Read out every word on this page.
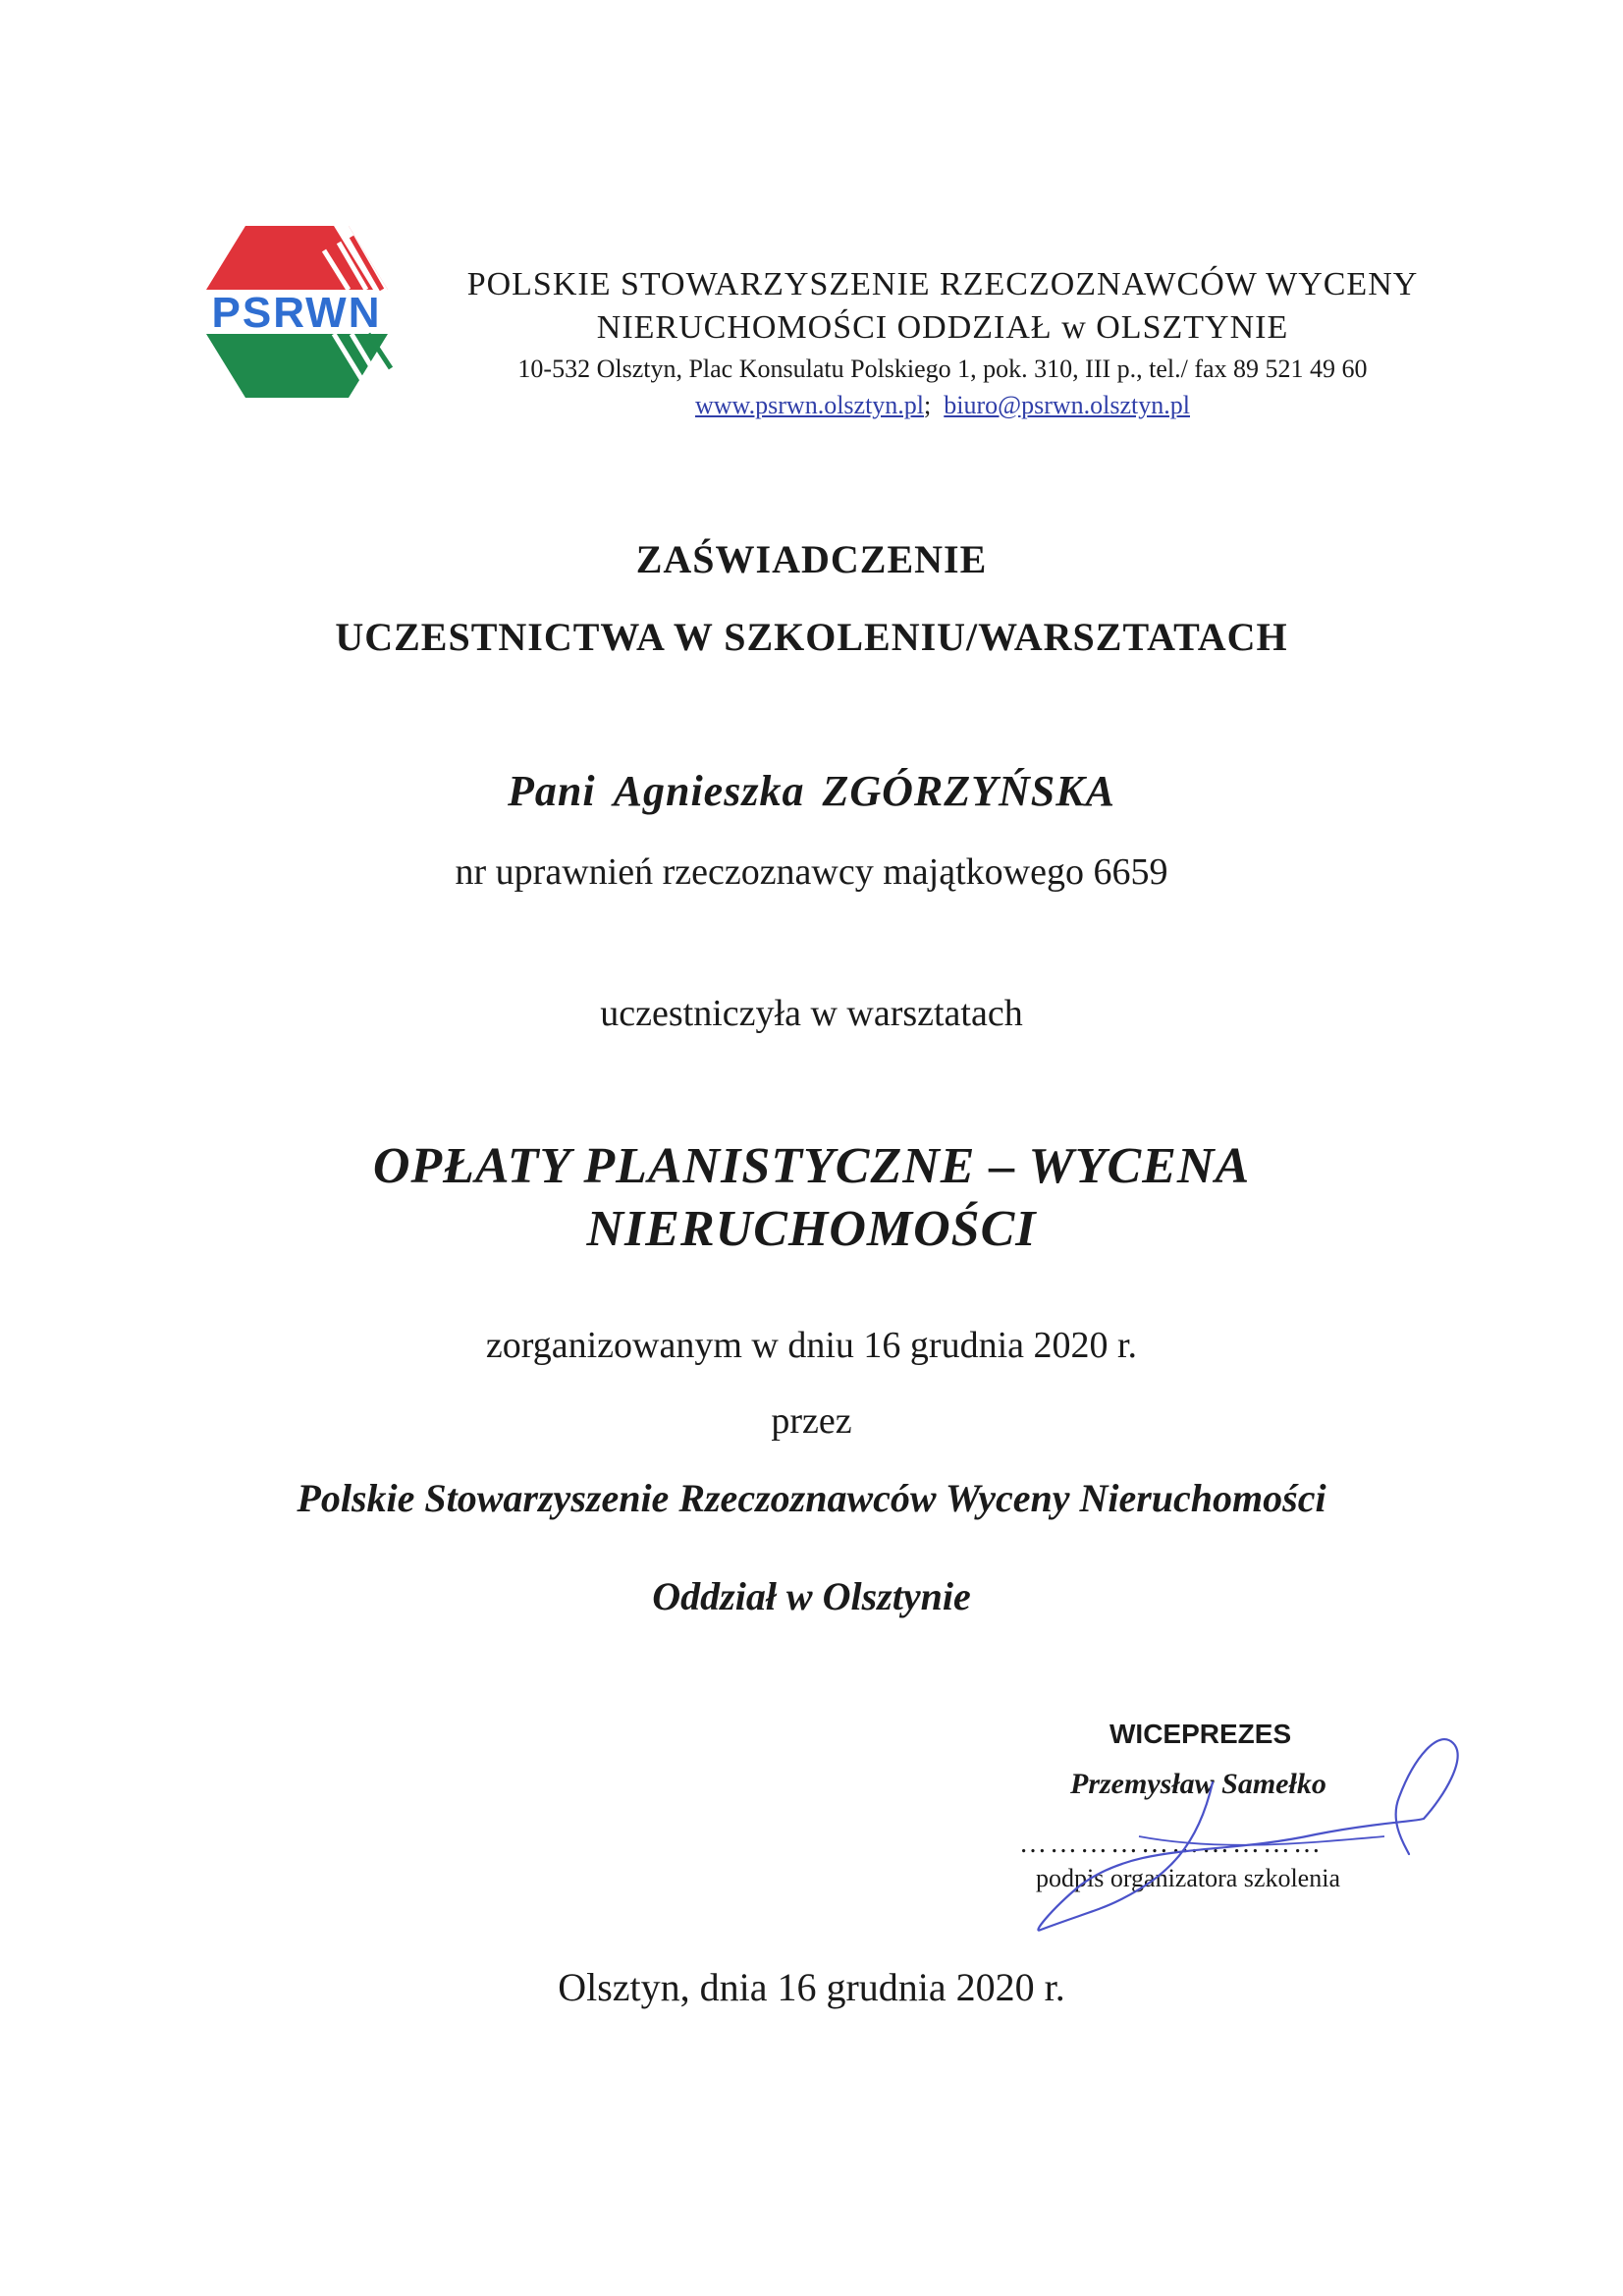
PSRWN
POLSKIE STOWARZYSZENIE RZECZOZNAWCÓW WYCENY
NIERUCHOMOŚCI ODDZIAŁ w OLSZTYNIE
10-532 Olsztyn, Plac Konsulatu Polskiego 1, pok. 310, III p., tel./ fax 89 521 49 60
www.psrwn.olsztyn.pl; biuro@psrwn.olsztyn.pl
ZAŚWIADCZENIE
UCZESTNICTWA W SZKOLENIU/WARSZTATACH
Pani Agnieszka ZGÓRZYŃSKA
nr uprawnień rzeczoznawcy majątkowego 6659
uczestniczyła w warsztatach
OPŁATY PLANISTYCZNE – WYCENA
NIERUCHOMOŚCI
zorganizowanym w dniu 16 grudnia 2020 r.
przez
Polskie Stowarzyszenie Rzeczoznawców Wyceny Nieruchomości
Oddział w Olsztynie
WICEPREZES
Przemysław Samełko
…………………………
podpis organizatora szkolenia
Olsztyn, dnia 16 grudnia 2020 r.
